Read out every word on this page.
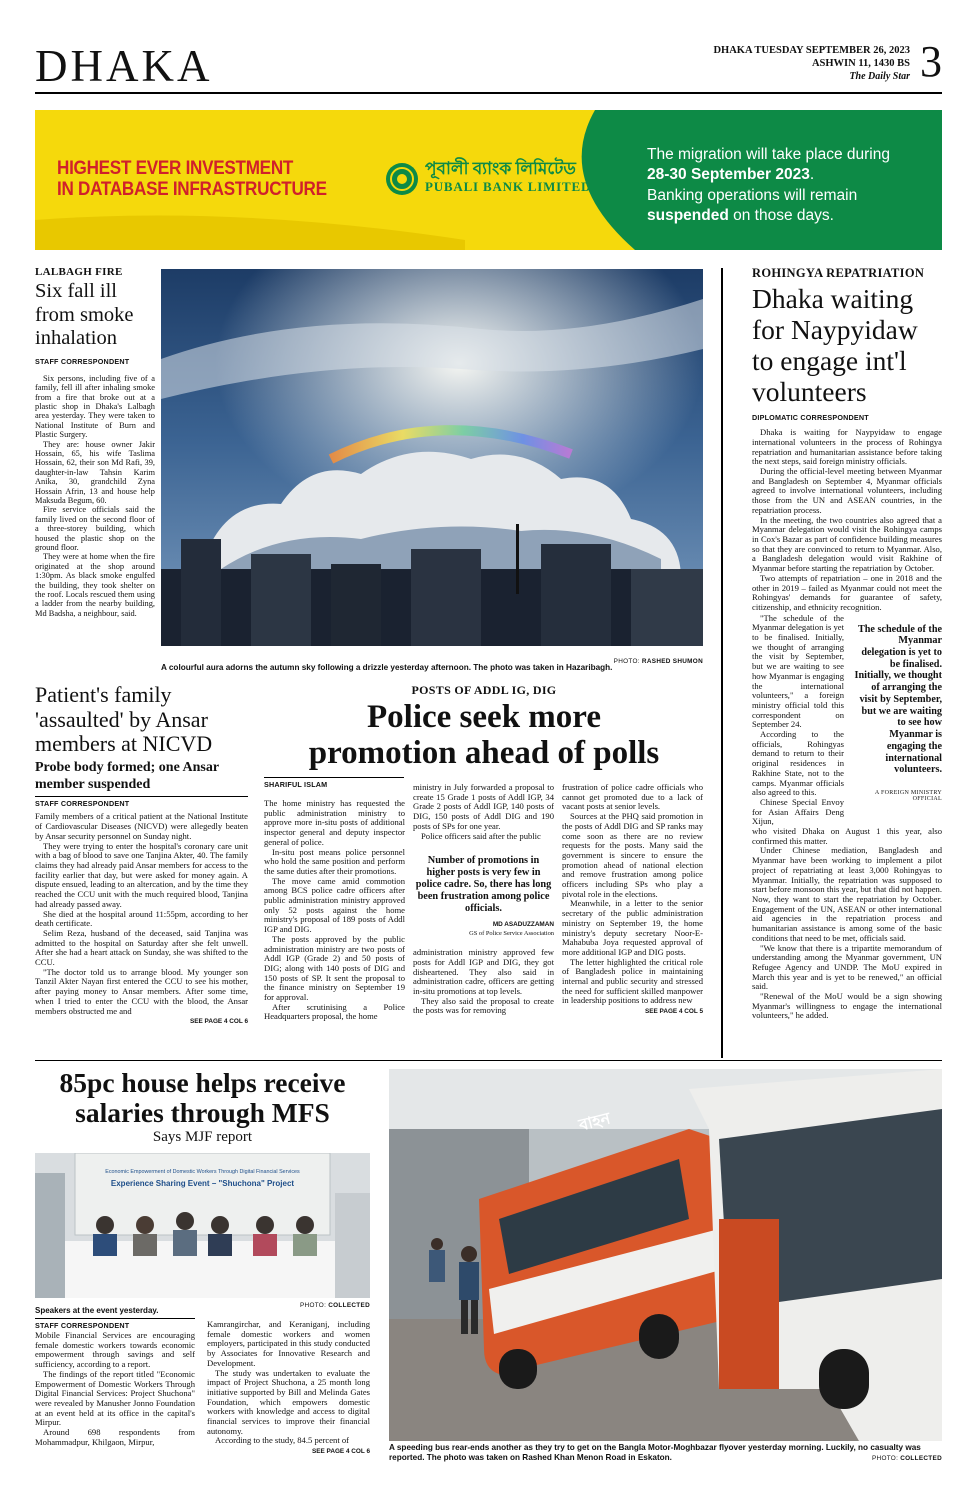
DHAKA	DHAKA TUESDAY SEPTEMBER 26, 2023
ASHWIN 11, 1430 BS
The Daily Star 3
HIGHEST EVER INVESTMENT
IN DATABASE INFRASTRUCTURE
পূবালী ব্যাংক লিমিটেড
PUBALI BANK LIMITED
The migration will take place during
28-30 September 2023.
Banking operations will remain
suspended on those days.
LALBAGH FIRE
Six fall ill from smoke inhalation
STAFF CORRESPONDENT

Six persons, including five of a family, fell ill after inhaling smoke from a fire that broke out at a plastic shop in Dhaka's Lalbagh area yesterday. They were taken to National Institute of Burn and Plastic Surgery.

They are: house owner Jakir Hossain, 65, his wife Taslima Hossain, 62, their son Md Rafi, 39, daughter-in-law Tahsin Karim Anika, 30, grandchild Zyna Hossain Afrin, 13 and house help Maksuda Begum, 60.

Fire service officials said the family lived on the second floor of a three-storey building, which housed the plastic shop on the ground floor.

They were at home when the fire originated at the shop around 1:30pm. As black smoke engulfed the building, they took shelter on the roof. Locals rescued them using a ladder from the nearby building, Md Badsha, a neighbour, said.

A colourful aura adorns the autumn sky following a drizzle yesterday afternoon. The photo was taken in Hazaribagh.
PHOTO: RASHED SHUMON
ROHINGYA REPATRIATION
Dhaka waiting for Naypyidaw to engage int'l volunteers
DIPLOMATIC CORRESPONDENT

Dhaka is waiting for Naypyidaw to engage international volunteers in the process of Rohingya repatriation and humanitarian assistance before taking the next steps, said foreign ministry officials.

During the official-level meeting between Myanmar and Bangladesh on September 4, Myanmar officials agreed to involve international volunteers, including those from the UN and ASEAN countries, in the repatriation process.

In the meeting, the two countries also agreed that a Myanmar delegation would visit the Rohingya camps in Cox's Bazar as part of confidence building measures so that they are convinced to return to Myanmar. Also, a Bangladesh delegation would visit Rakhine of Myanmar before starting the repatriation by October.

Two attempts of repatriation – one in 2018 and the other in 2019 – failed as Myanmar could not meet the Rohingyas' demands for guarantee of safety, citizenship, and ethnicity recognition.

"The schedule of the Myanmar delegation is yet to be finalised. Initially, we thought of arranging the visit by September, but we are waiting to see how Myanmar is engaging the international volunteers," a foreign ministry official told this correspondent on September 24.

According to the officials, Rohingyas demand to return to their original residences in Rakhine State, not to the camps. Myanmar officials also agreed to this.

Chinese Special Envoy for Asian Affairs Deng Xijun,

The schedule of the Myanmar delegation is yet to be finalised. Initially, we thought of arranging the visit by September, but we are waiting to see how Myanmar is engaging the international volunteers.
A FOREIGN MINISTRY OFFICIAL

who visited Dhaka on August 1 this year, also confirmed this matter.

Under Chinese mediation, Bangladesh and Myanmar have been working to implement a pilot project of repatriating at least 3,000 Rohingyas to Myanmar. Initially, the repatriation was supposed to start before monsoon this year, but that did not happen. Now, they want to start the repatriation by October. Engagement of the UN, ASEAN or other international aid agencies in the repatriation process and humanitarian assistance is among some of the basic conditions that need to be met, officials said.

"We know that there is a tripartite memorandum of understanding among the Myanmar government, UN Refugee Agency and UNDP. The MoU expired in March this year and is yet to be renewed," an official said.

"Renewal of the MoU would be a sign showing Myanmar's willingness to engage the international volunteers," he added.

Patient's family 'assaulted' by Ansar members at NICVD
Probe body formed; one Ansar member suspended
STAFF CORRESPONDENT

Family members of a critical patient at the National Institute of Cardiovascular Diseases (NICVD) were allegedly beaten by Ansar security personnel on Sunday night.

They were trying to enter the hospital's coronary care unit with a bag of blood to save one Tanjina Akter, 40. The family claims they had already paid Ansar members for access to the facility earlier that day, but were asked for money again. A dispute ensued, leading to an altercation, and by the time they reached the CCU unit with the much required blood, Tanjina had already passed away.

She died at the hospital around 11:55pm, according to her death certificate.

Selim Reza, husband of the deceased, said Tanjina was admitted to the hospital on Saturday after she felt unwell. After she had a heart attack on Sunday, she was shifted to the CCU.

"The doctor told us to arrange blood. My younger son Tanzil Akter Nayan first entered the CCU to see his mother, after paying money to Ansar members. After some time, when I tried to enter the CCU with the blood, the Ansar members obstructed me and

SEE PAGE 4 COL 6
POSTS OF ADDL IG, DIG
Police seek more
promotion ahead of polls
SHARIFUL ISLAM

The home ministry has requested the public administration ministry to approve more in-situ posts of additional inspector general and deputy inspector general of police.

In-situ post means police personnel who hold the same position and perform the same duties after their promotions.

The move came amid commotion among BCS police cadre officers after public administration ministry approved only 52 posts against the home ministry's proposal of 189 posts of Addl IGP and DIG.

The posts approved by the public administration ministry are two posts of Addl IGP (Grade 2) and 50 posts of DIG; along with 140 posts of DIG and 150 posts of SP. It sent the proposal to the finance ministry on September 19 for approval.

After scrutinising a Police Headquarters proposal, the home

ministry in July forwarded a proposal to create 15 Grade 1 posts of Addl IGP, 34 Grade 2 posts of Addl IGP, 140 posts of DIG, 150 posts of Addl DIG and 190 posts of SPs for one year.

Police officers said after the public

Number of promotions in higher posts is very few in police cadre. So, there has long been frustration among police officials.
MD ASADUZZAMAN
GS of Police Service Association

administration ministry approved few posts for Addl IGP and DIG, they got disheartened. They also said in administration cadre, officers are getting in-situ promotions at top levels.

They also said the proposal to create the posts was for removing

frustration of police cadre officials who cannot get promoted due to a lack of vacant posts at senior levels.

Sources at the PHQ said promotion in the posts of Addl DIG and SP ranks may come soon as there are no review requests for the posts. Many said the government is sincere to ensure the promotion ahead of national election and remove frustration among police officers including SPs who play a pivotal role in the elections.

Meanwhile, in a letter to the senior secretary of the public administration ministry on September 19, the home ministry's deputy secretary Noor-E-Mahabuba Joya requested approval of more additional IGP and DIG posts.

The letter highlighted the critical role of Bangladesh police in maintaining internal and public security and stressed the need for sufficient skilled manpower in leadership positions to address new

SEE PAGE 4 COL 5
85pc house helps receive
salaries through MFS
Says MJF report
Economic Empowerment of Domestic Workers Through Digital Financial Services
Experience Sharing Event – "Shuchona" Project
Speakers at the event yesterday.
PHOTO: COLLECTED
STAFF CORRESPONDENT

Mobile Financial Services are encouraging female domestic workers towards economic empowerment through savings and self sufficiency, according to a report.

The findings of the report titled "Economic Empowerment of Domestic Workers Through Digital Financial Services: Project Shuchona" were revealed by Manusher Jonno Foundation at an event held at its office in the capital's Mirpur.

Around 698 respondents from Mohammadpur, Khilgaon, Mirpur,

Kamrangirchar, and Keraniganj, including female domestic workers and women employers, participated in this study conducted by Associates for Innovative Research and Development.

The study was undertaken to evaluate the impact of Project Shuchona, a 25 month long initiative supported by Bill and Melinda Gates Foundation, which empowers domestic workers with knowledge and access to digital financial services to improve their financial autonomy.

According to the study, 84.5 percent of

SEE PAGE 4 COL 6
বাহন
A speeding bus rear-ends another as they try to get on the Bangla Motor-Moghbazar flyover yesterday morning. Luckily, no casualty was reported. The photo was taken on Rashed Khan Menon Road in Eskaton.	PHOTO: COLLECTED
